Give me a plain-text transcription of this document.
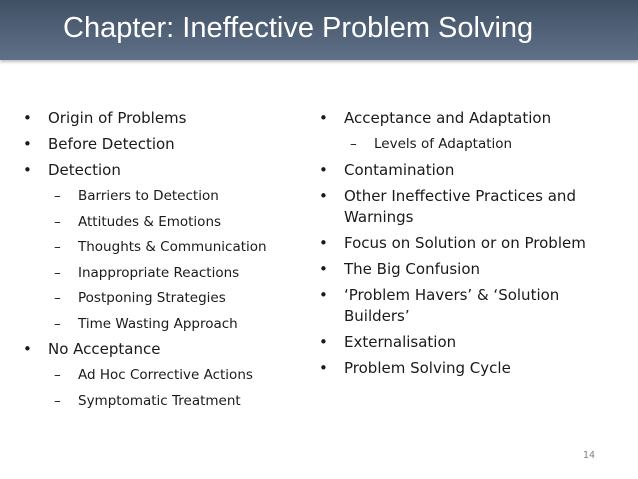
Chapter: Ineffective Problem Solving
• Origin of Problems
• Before Detection
• Detection
– Barriers to Detection
– Attitudes & Emotions
– Thoughts & Communication
– Inappropriate Reactions
– Postponing Strategies
– Time Wasting Approach
• No Acceptance
– Ad Hoc Corrective Actions
– Symptomatic Treatment
• Acceptance and Adaptation
– Levels of Adaptation
• Contamination
• Other Ineffective Practices and Warnings
• Focus on Solution or on Problem
• The Big Confusion
• ‘Problem Havers’ & ‘Solution Builders’
• Externalisation
• Problem Solving Cycle
14
